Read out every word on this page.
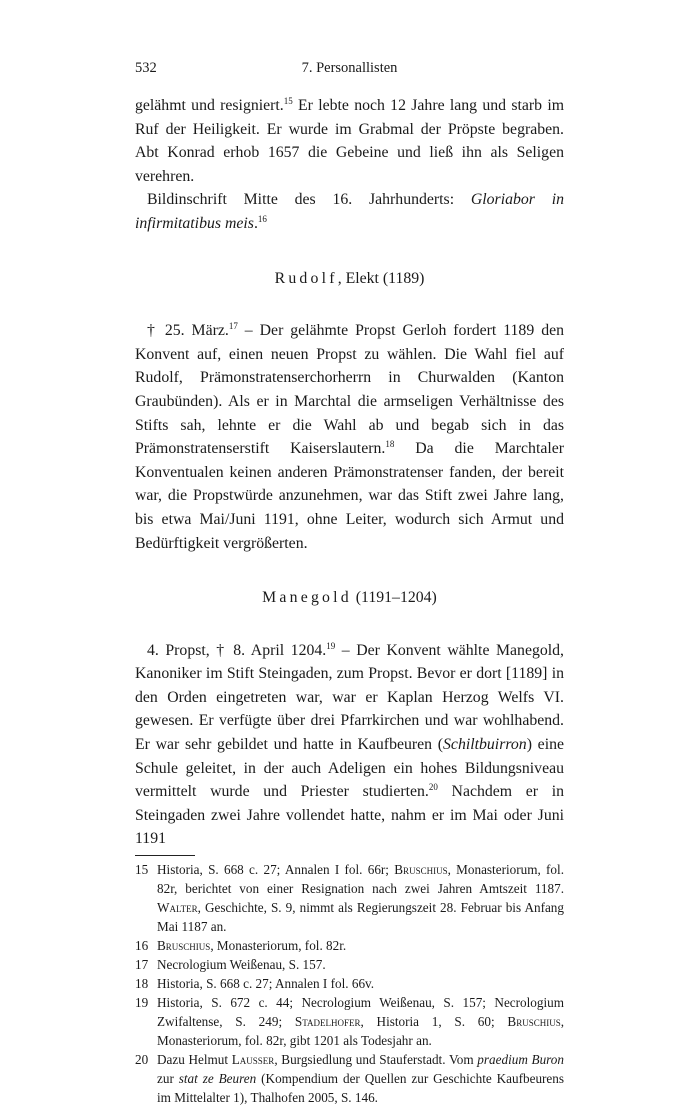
532	7. Personallisten

gelähmt und resigniert.$^{15}$ Er lebte noch 12 Jahre lang und starb im Ruf der Heiligkeit. Er wurde im Grabmal der Pröpste begraben. Abt Konrad erhob 1657 die Gebeine und ließ ihn als Seligen verehren.

Bildinschrift Mitte des 16. Jahrhunderts: Gloriabor in infirmitatibus meis.$^{16}$

Rudolf, Elekt (1189)

† 25. März.$^{17}$ – Der gelähmte Propst Gerloh fordert 1189 den Konvent auf, einen neuen Propst zu wählen. Die Wahl fiel auf Rudolf, Prämonstratenserchorherrn in Churwalden (Kanton Graubünden). Als er in Marchtal die armseligen Verhältnisse des Stifts sah, lehnte er die Wahl ab und begab sich in das Prämonstratenserstift Kaiserslautern.$^{18}$ Da die Marchtaler Konventualen keinen anderen Prämonstratenser fanden, der bereit war, die Propstwürde anzunehmen, war das Stift zwei Jahre lang, bis etwa Mai/Juni 1191, ohne Leiter, wodurch sich Armut und Bedürftigkeit vergrößerten.

Manegold (1191–1204)

4. Propst, † 8. April 1204.19 – Der Konvent wählte Manegold, Kanoniker im Stift Steingaden, zum Propst. Bevor er dort [1189] in den Orden eingetreten war, war er Kaplan Herzog Welfs VI. gewesen. Er verfügte über drei Pfarrkirchen und war wohlhabend. Er war sehr gebildet und hatte in Kaufbeuren (Schiltbuirron) eine Schule geleitet, in der auch Adeligen ein hohes Bildungsniveau vermittelt wurde und Priester studierten.$^{20}$ Nachdem er in Steingaden zwei Jahre vollendet hatte, nahm er im Mai oder Juni 1191

15 Historia, S. 668 c. 27; Annalen I fol. 66r; Bruschius, Monasteriorum, fol. 82r, berichtet von einer Resignation nach zwei Jahren Amtszeit 1187. Walter, Geschichte, S. 9, nimmt als Regierungszeit 28. Februar bis Anfang Mai 1187 an.
16 Bruschius, Monasteriorum, fol. 82r.
17 Necrologium Weißenau, S. 157.
18 Historia, S. 668 c. 27; Annalen I fol. 66v.
19 Historia, S. 672 c. 44; Necrologium Weißenau, S. 157; Necrologium Zwifaltense, S. 249; Stadelhofer, Historia 1, S. 60; Bruschius, Monasteriorum, fol. 82r, gibt 1201 als Todesjahr an.
20 Dazu Helmut Lausser, Burgsiedlung und Stauferstadt. Vom praedium Buron zur stat ze Beuren (Kompendium der Quellen zur Geschichte Kaufbeurens im Mittelalter 1), Thalhofen 2005, S. 146.
